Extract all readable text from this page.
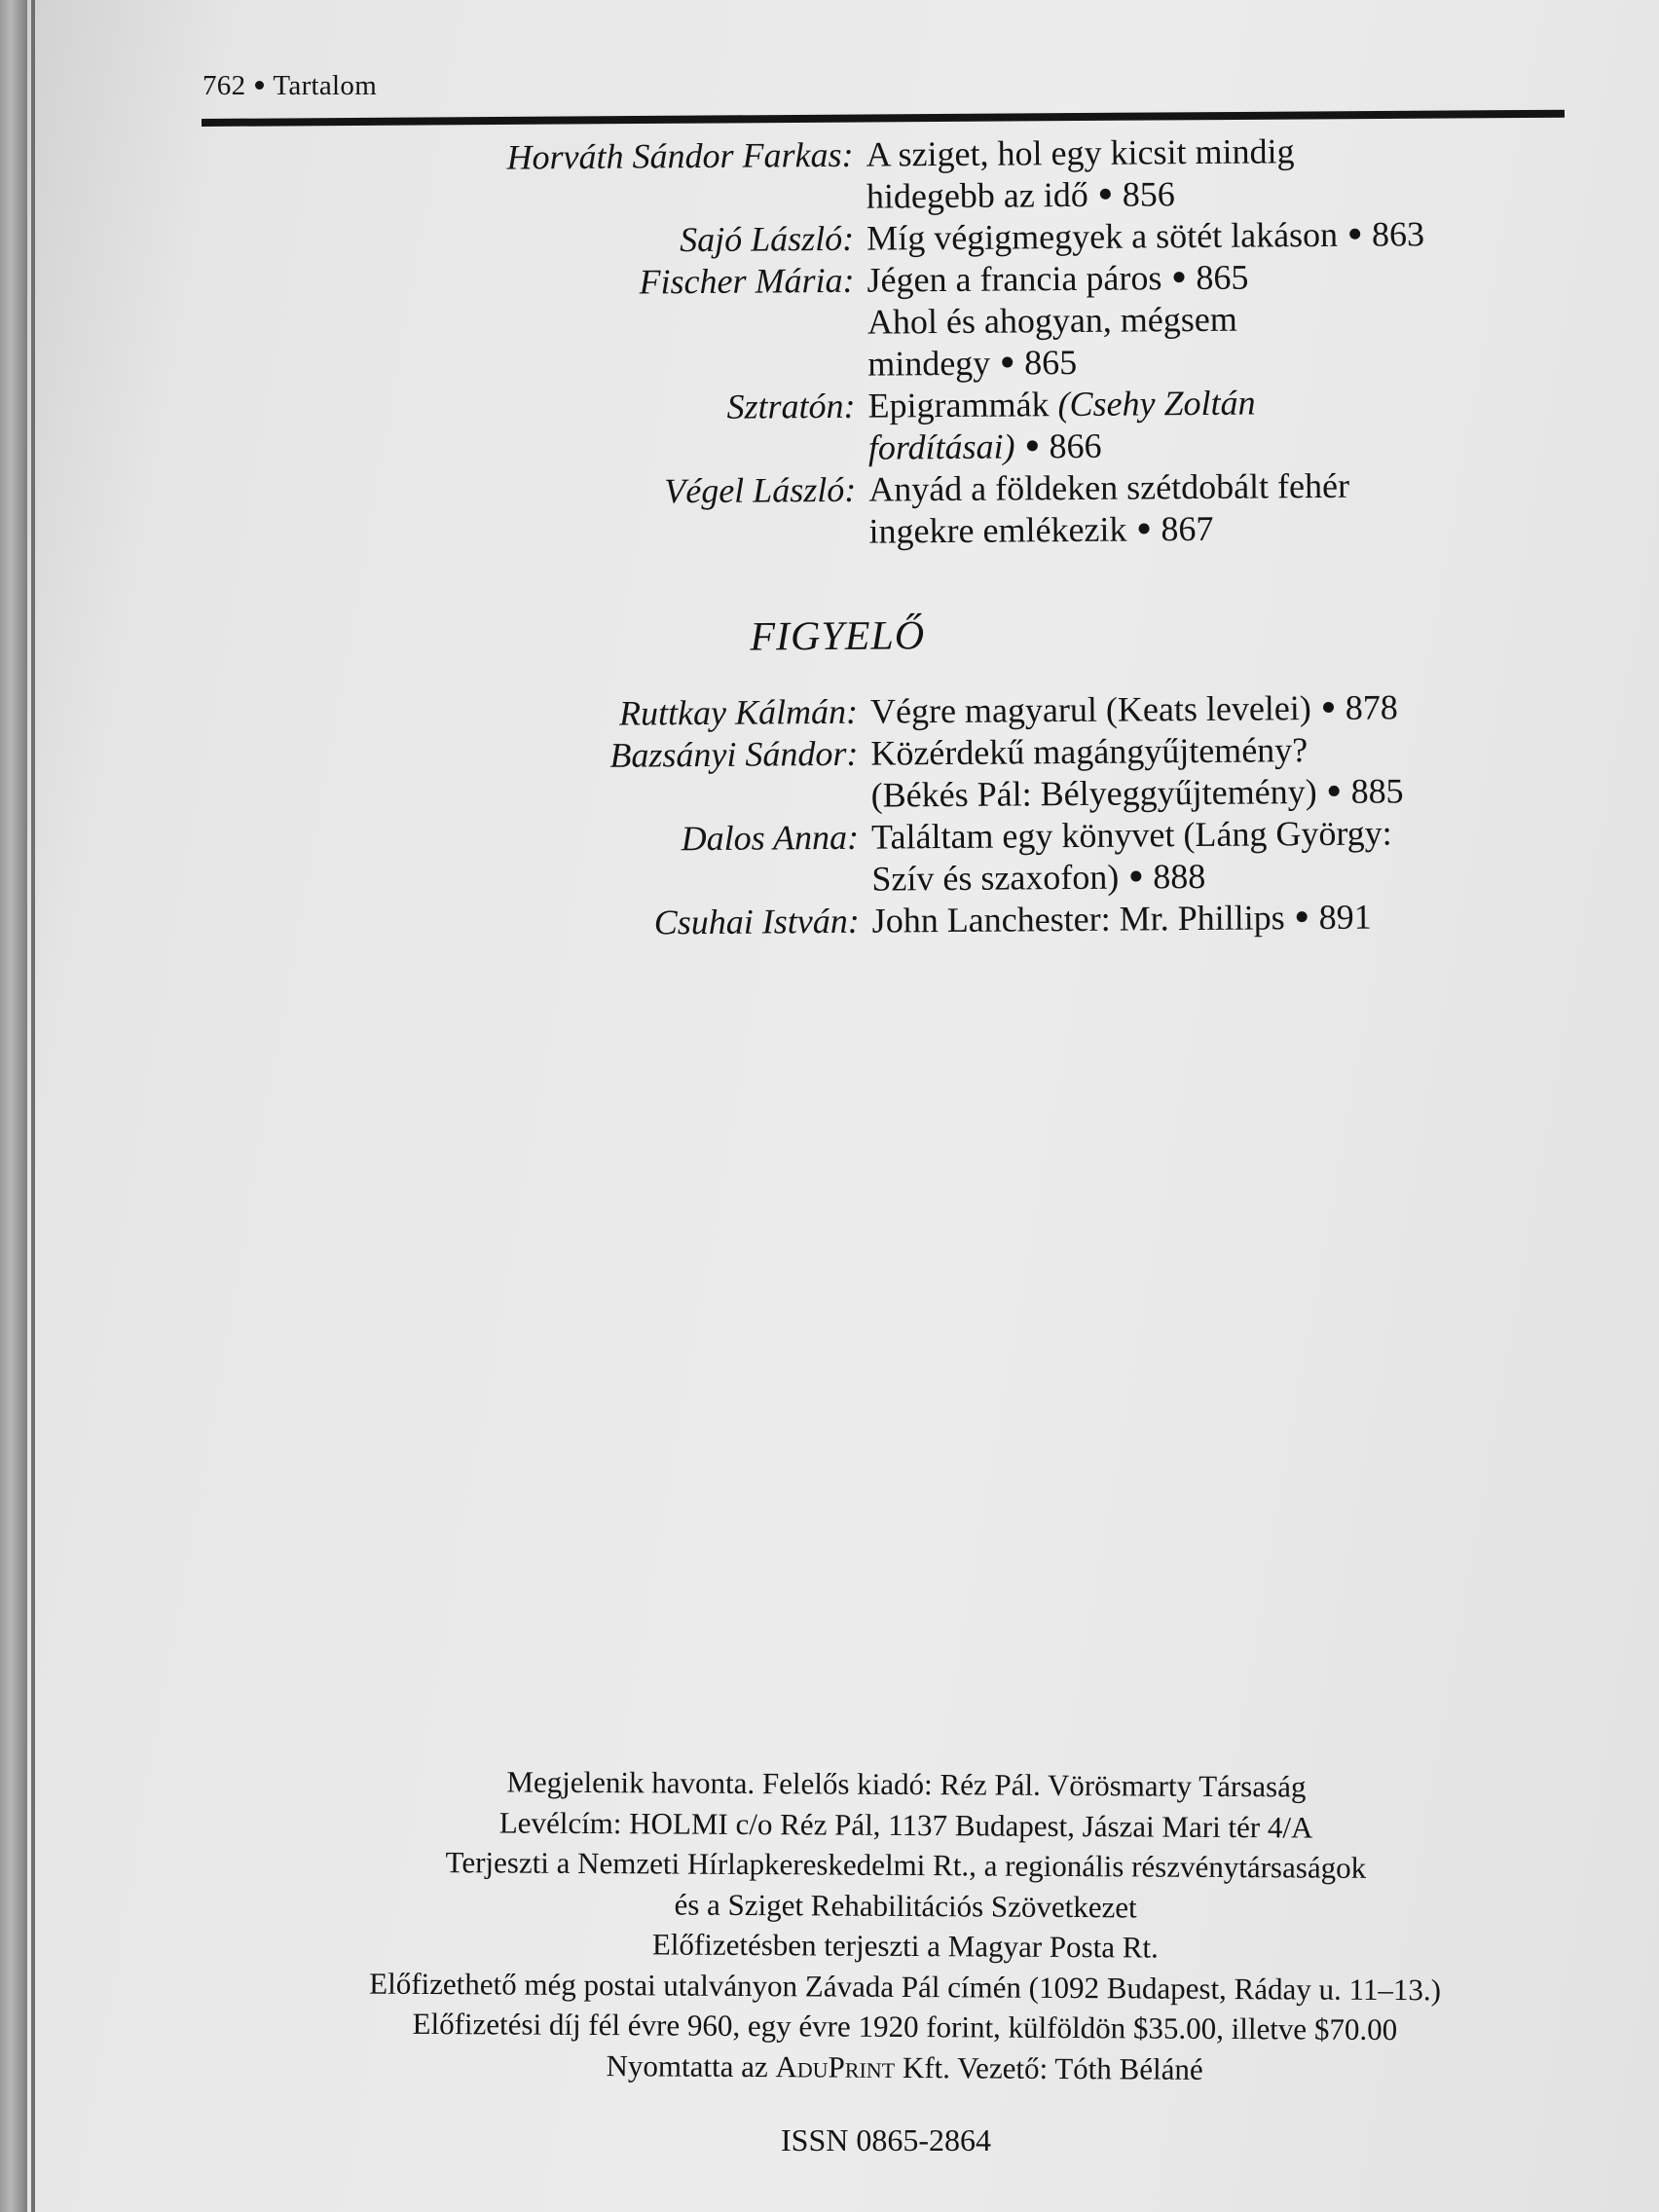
762 Tartalom
Horváth Sándor Farkas: A sziget, hol egy kicsit mindig
hidegebb az idő 856
Sajó László: Míg végigmegyek a sötét lakáson 863
Fischer Mária: Jégen a francia páros 865
Ahol és ahogyan, mégsem
mindegy 865
Sztratón: Epigrammák (Csehy Zoltán
fordításai) 866
Végel László: Anyád a földeken szétdobált fehér
ingekre emlékezik 867
FIGYELŐ
Ruttkay Kálmán: Végre magyarul (Keats levelei) 878
Bazsányi Sándor: Közérdekű magángyűjtemény?
(Békés Pál: Bélyeggyűjtemény) 885
Dalos Anna: Találtam egy könyvet (Láng György:
Szív és szaxofon) 888
Csuhai István: John Lanchester: Mr. Phillips 891
Megjelenik havonta. Felelős kiadó: Réz Pál. Vörösmarty Társaság
Levélcím: HOLMI c/o Réz Pál, 1137 Budapest, Jászai Mari tér 4/A
Terjeszti a Nemzeti Hírlapkereskedelmi Rt., a regionális részvénytársaságok
és a Sziget Rehabilitációs Szövetkezet
Előfizetésben terjeszti a Magyar Posta Rt.
Előfizethető még postai utalványon Závada Pál címén (1092 Budapest, Ráday u. 11–13.)
Előfizetési díj fél évre 960, egy évre 1920 forint, külföldön $35.00, illetve $70.00
Nyomtatta az AduPrint Kft. Vezető: Tóth Béláné
ISSN 0865-2864
